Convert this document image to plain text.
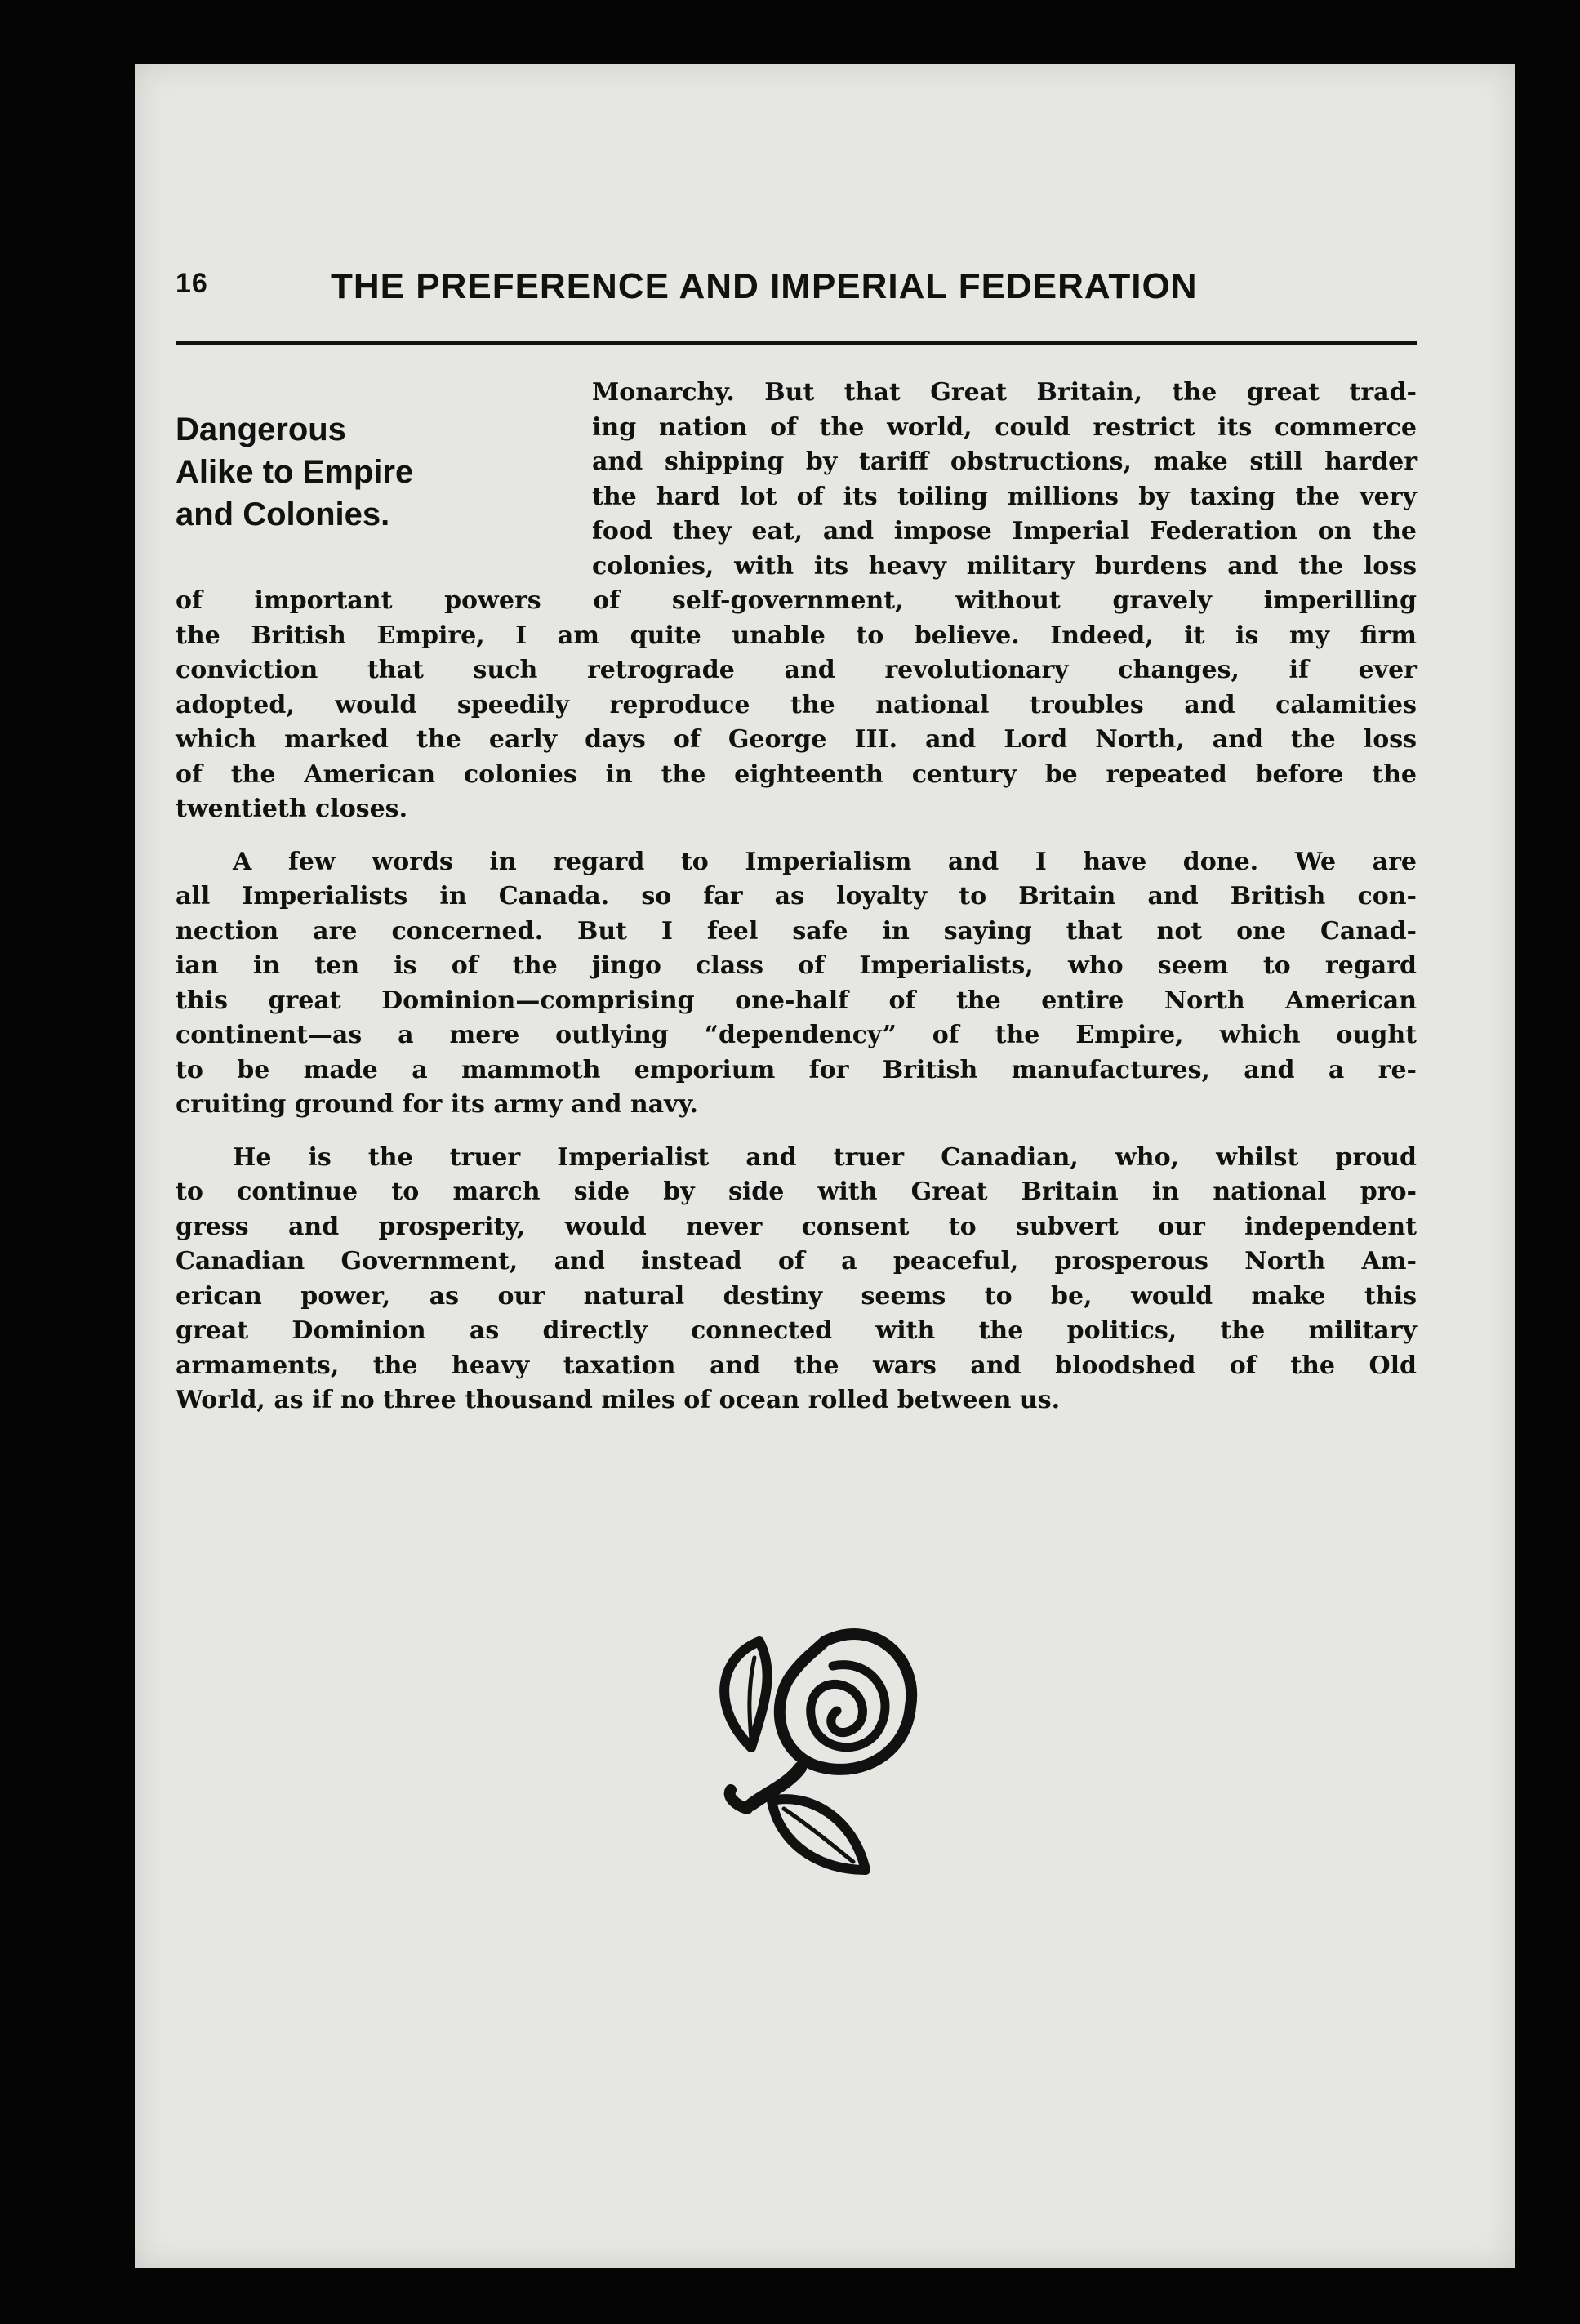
16	THE PREFERENCE AND IMPERIAL FEDERATION
Dangerous
Alike to Empire
and Colonies.
Monarchy. But that Great Britain, the great trad-
ing nation of the world, could restrict its commerce
and shipping by tariff obstructions, make still harder
the hard lot of its toiling millions by taxing the very
food they eat, and impose Imperial Federation on the
colonies, with its heavy military burdens and the loss
of important powers of self-government, without gravely imperilling
the British Empire, I am quite unable to believe. Indeed, it is my firm
conviction that such retrograde and revolutionary changes, if ever
adopted, would speedily reproduce the national troubles and calamities
which marked the early days of George III. and Lord North, and the loss
of the American colonies in the eighteenth century be repeated before the
twentieth closes.
A few words in regard to Imperialism and I have done. We are
all Imperialists in Canada. so far as loyalty to Britain and British con-
nection are concerned. But I feel safe in saying that not one Canad-
ian in ten is of the jingo class of Imperialists, who seem to regard
this great Dominion—comprising one-half of the entire North American
continent—as a mere outlying “dependency” of the Empire, which ought
to be made a mammoth emporium for British manufactures, and a re-
cruiting ground for its army and navy.
He is the truer Imperialist and truer Canadian, who, whilst proud
to continue to march side by side with Great Britain in national pro-
gress and prosperity, would never consent to subvert our independent
Canadian Government, and instead of a peaceful, prosperous North Am-
erican power, as our natural destiny seems to be, would make this
great Dominion as directly connected with the politics, the military
armaments, the heavy taxation and the wars and bloodshed of the Old
World, as if no three thousand miles of ocean rolled between us.
